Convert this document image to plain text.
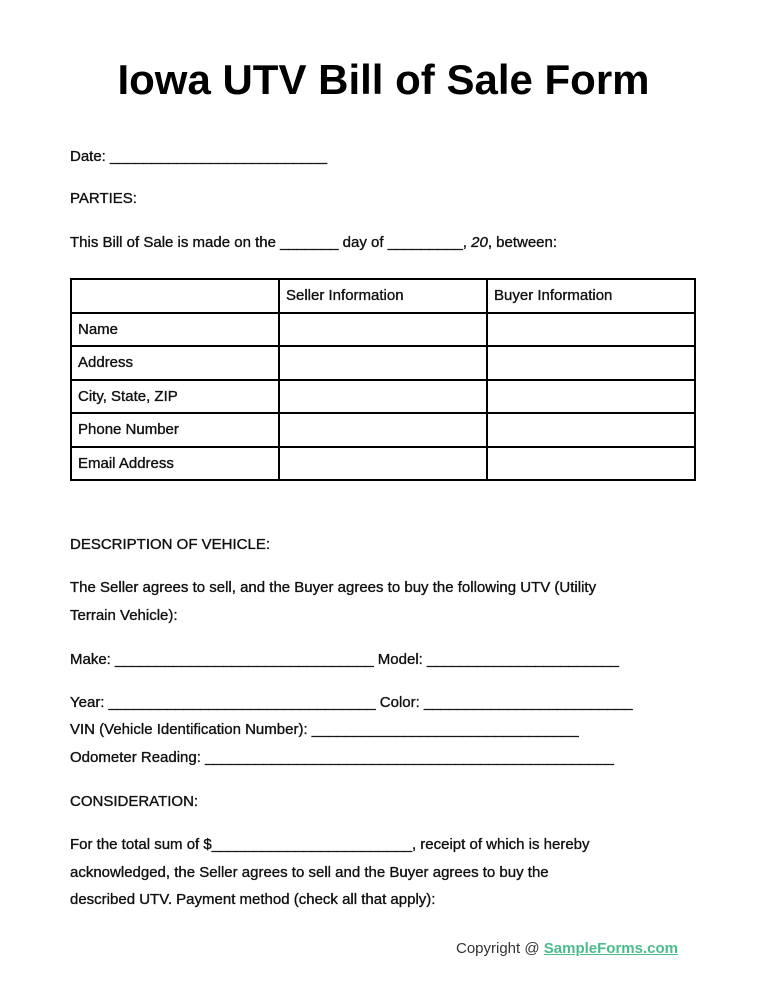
Iowa UTV Bill of Sale Form
Date: __________________________
PARTIES:
This Bill of Sale is made on the _______ day of _________, 20, between:
	Seller Information	Buyer Information
Name		
Address		
City, State, ZIP		
Phone Number		
Email Address		
DESCRIPTION OF VEHICLE:
The Seller agrees to sell, and the Buyer agrees to buy the following UTV (Utility
Terrain Vehicle):
Make: _______________________________ Model: _______________________
Year: ________________________________ Color: _________________________
VIN (Vehicle Identification Number): ________________________________
Odometer Reading: _________________________________________________
CONSIDERATION:
For the total sum of $________________________, receipt of which is hereby
acknowledged, the Seller agrees to sell and the Buyer agrees to buy the
described UTV. Payment method (check all that apply):
Copyright @ SampleForms.com
